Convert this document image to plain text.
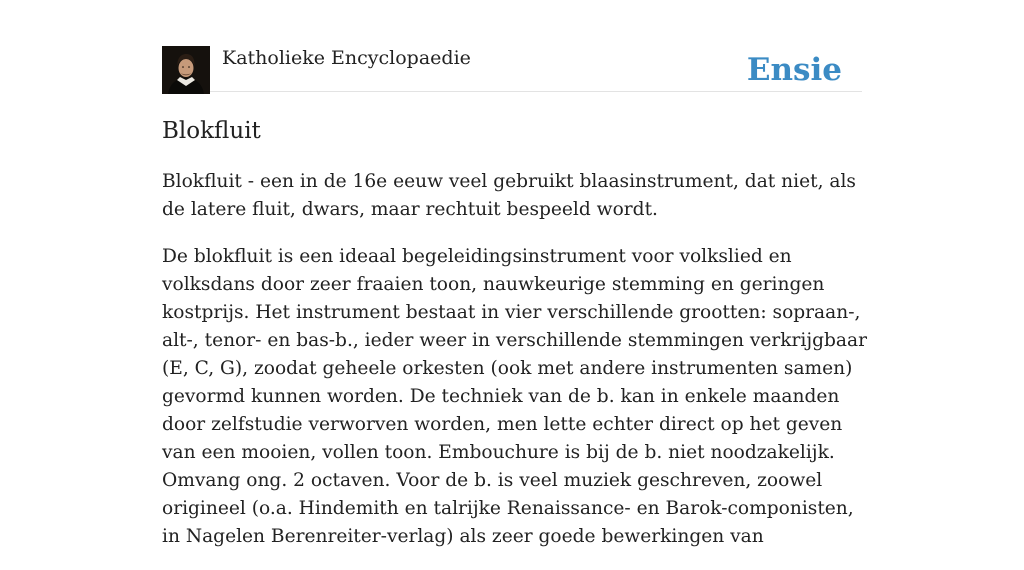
Katholieke Encyclopaedie	Ensie
Blokfluit

Blokfluit - een in de 16e eeuw veel gebruikt blaasinstrument, dat niet, als de latere fluit, dwars, maar rechtuit bespeeld wordt.

De blokfluit is een ideaal begeleidingsinstrument voor volkslied en volksdans door zeer fraaien toon, nauwkeurige stemming en geringen kostprijs. Het instrument bestaat in vier verschillende grootten: sopraan-, alt-, tenor- en bas-b., ieder weer in verschillende stemmingen verkrijgbaar (E, C, G), zoodat geheele orkesten (ook met andere instrumenten samen) gevormd kunnen worden. De techniek van de b. kan in enkele maanden door zelfstudie verworven worden, men lette echter direct op het geven van een mooien, vollen toon. Embouchure is bij de b. niet noodzakelijk. Omvang ong. 2 octaven. Voor de b. is veel muziek geschreven, zoowel origineel (o.a. Hindemith en talrijke Renaissance- en Barok-componisten, in Nagelen Berenreiter-verlag) als zeer goede bewerkingen van
